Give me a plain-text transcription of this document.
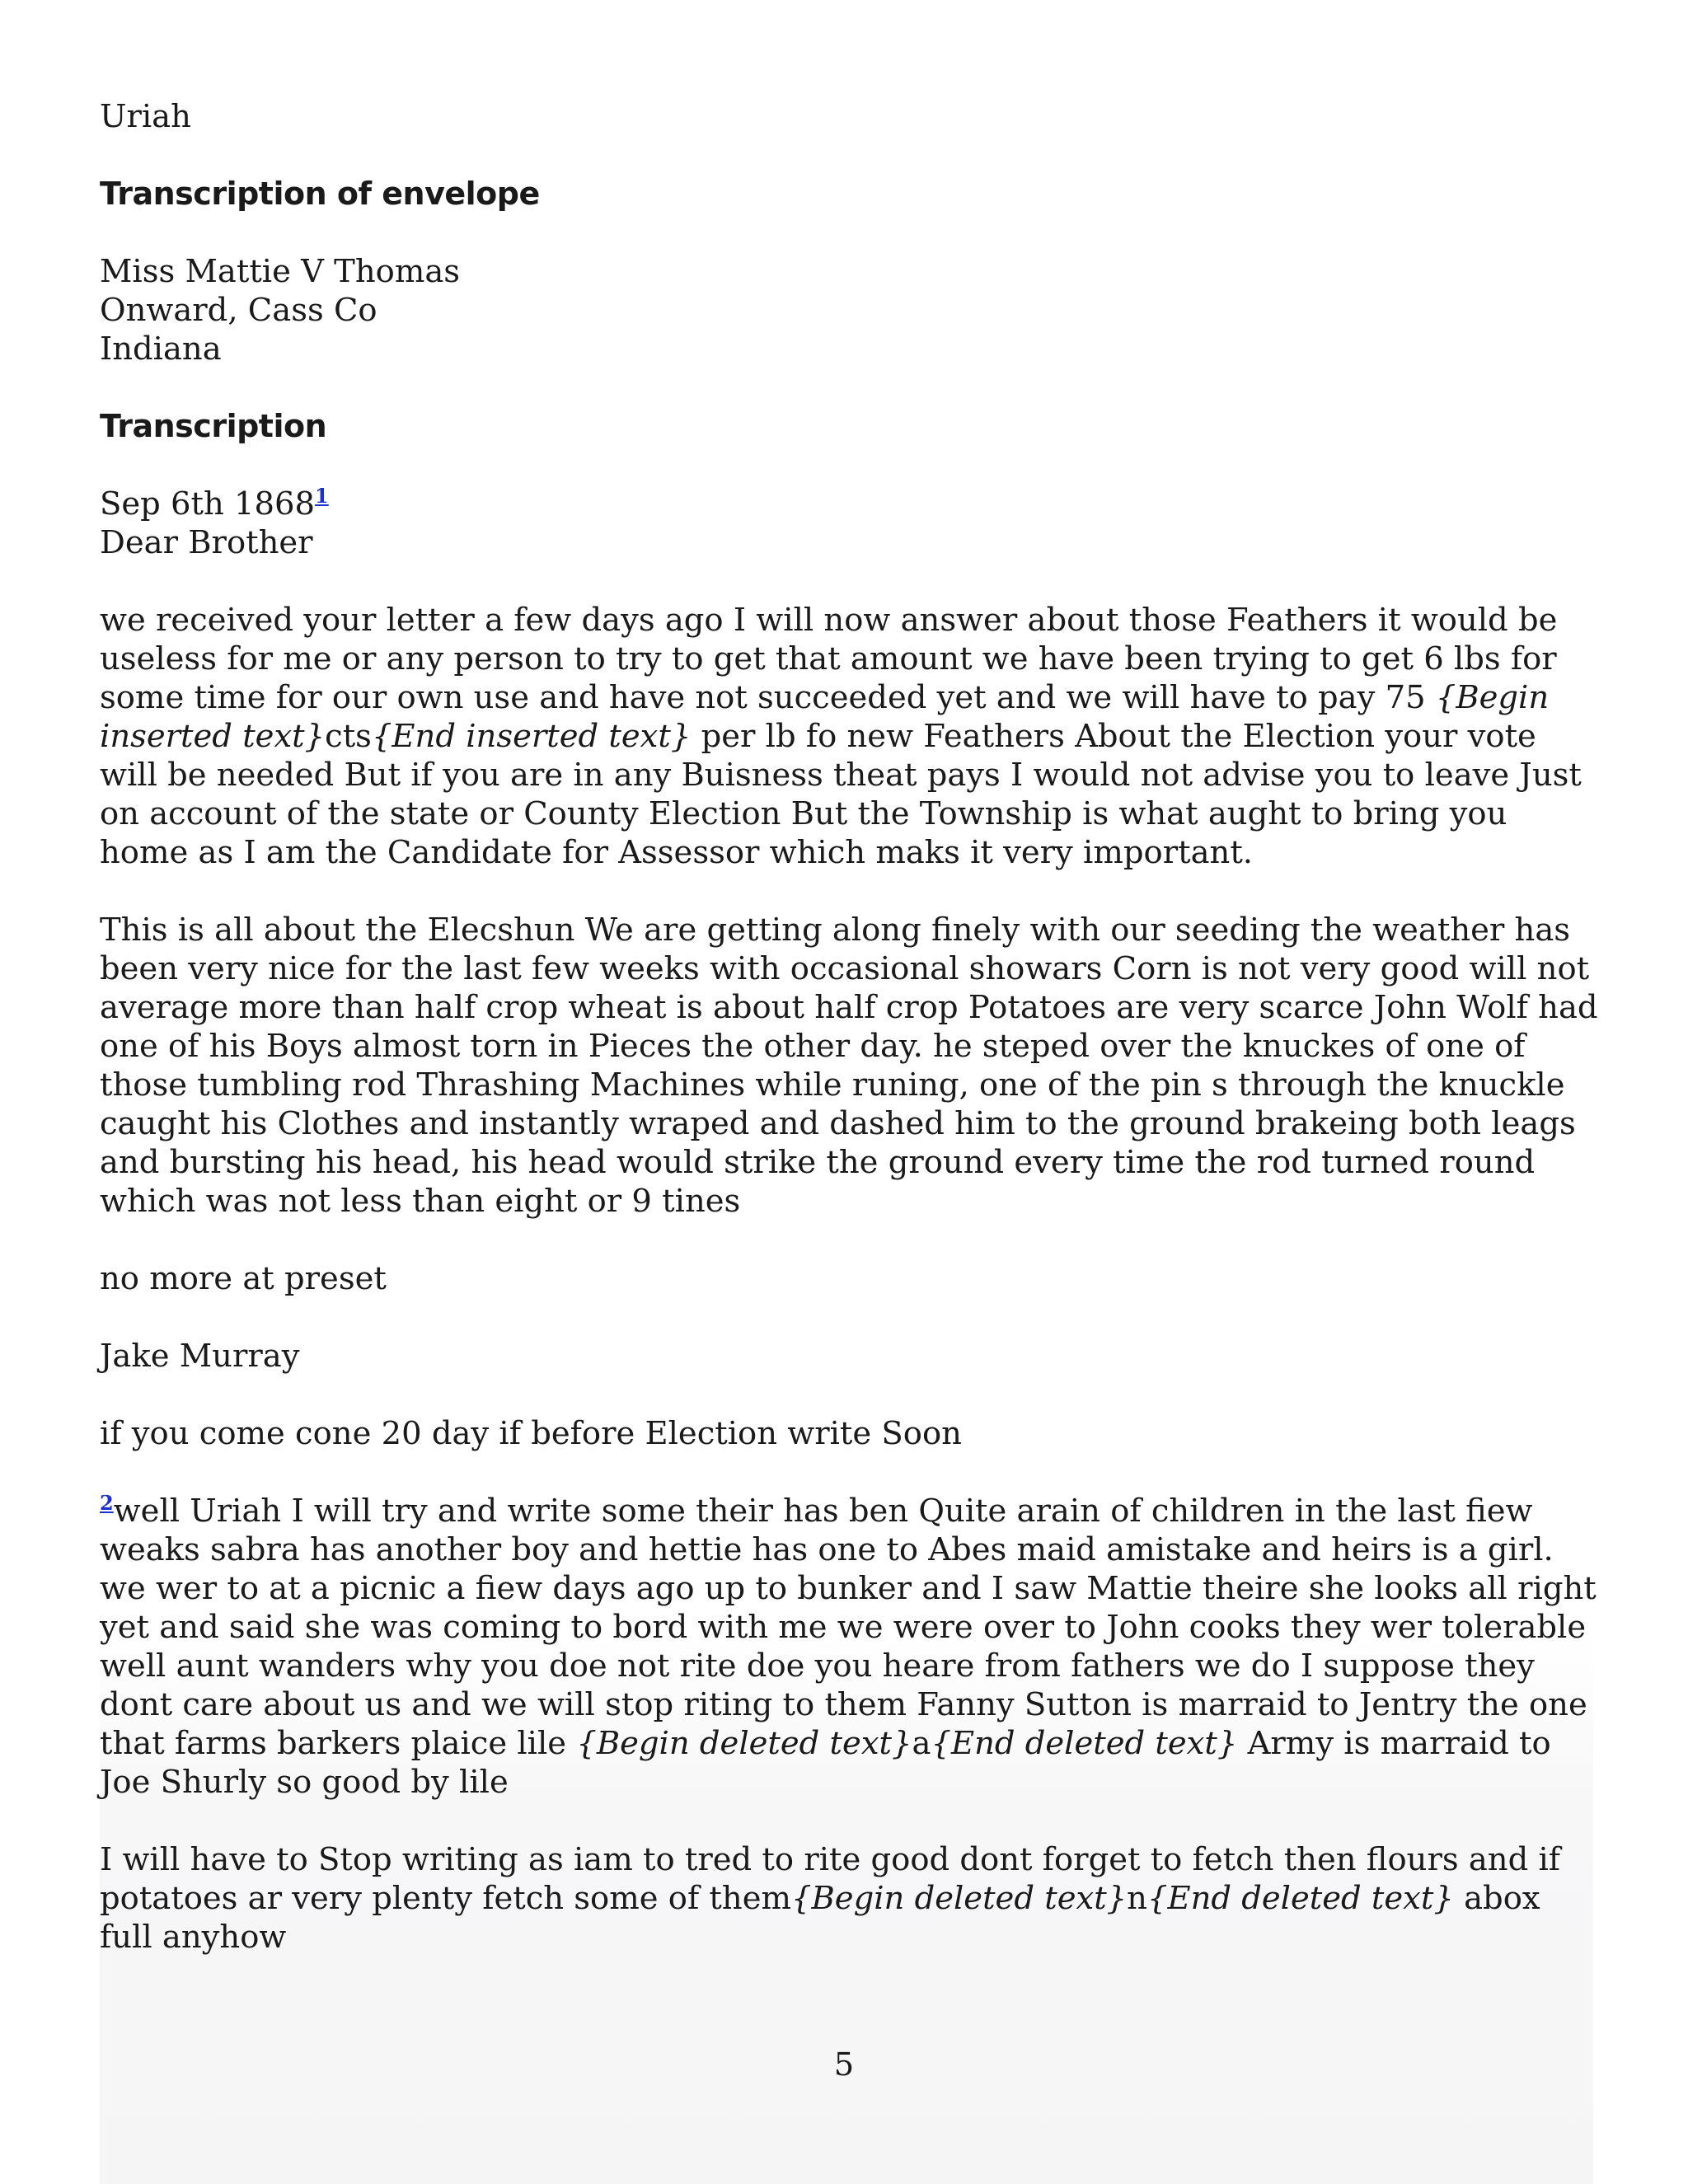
Uriah

Transcription of envelope

Miss Mattie V Thomas
Onward, Cass Co
Indiana

Transcription

Sep 6th 1868$^1$
Dear Brother

we received your letter a few days ago I will now answer about those Feathers it would be useless for me or any person to try to get that amount we have been trying to get 6 lbs for some time for our own use and have not succeeded yet and we will have to pay 75 {Begin inserted text}cts{End inserted text} per lb fo new Feathers About the Election your vote will be needed But if you are in any Buisness theat pays I would not advise you to leave Just on account of the state or County Election But the Township is what aught to bring you home as I am the Candidate for Assessor which maks it very important.

This is all about the Elecshun We are getting along finely with our seeding the weather has been very nice for the last few weeks with occasional showars Corn is not very good will not average more than half crop wheat is about half crop Potatoes are very scarce John Wolf had one of his Boys almost torn in Pieces the other day. he steped over the knuckes of one of those tumbling rod Thrashing Machines while runing, one of the pin s through the knuckle caught his Clothes and instantly wraped and dashed him to the ground brakeing both leags and bursting his head, his head would strike the ground every time the rod turned round which was not less than eight or 9 tines

no more at preset

Jake Murray

if you come cone 20 day if before Election write Soon

$^2$well Uriah I will try and write some their has ben Quite arain of children in the last fiew weaks sabra has another boy and hettie has one to Abes maid amistake and heirs is a girl. we wer to at a picnic a fiew days ago up to bunker and I saw Mattie theire she looks all right yet and said she was coming to bord with me we were over to John cooks they wer tolerable well aunt wanders why you doe not rite doe you heare from fathers we do I suppose they dont care about us and we will stop riting to them Fanny Sutton is marraid to Jentry the one that farms barkers plaice lile {Begin deleted text}a{End deleted text} Army is marraid to Joe Shurly so good by lile

I will have to Stop writing as iam to tred to rite good dont forget to fetch then flours and if potatoes ar very plenty fetch some of them{Begin deleted text}n{End deleted text} abox full anyhow

5
